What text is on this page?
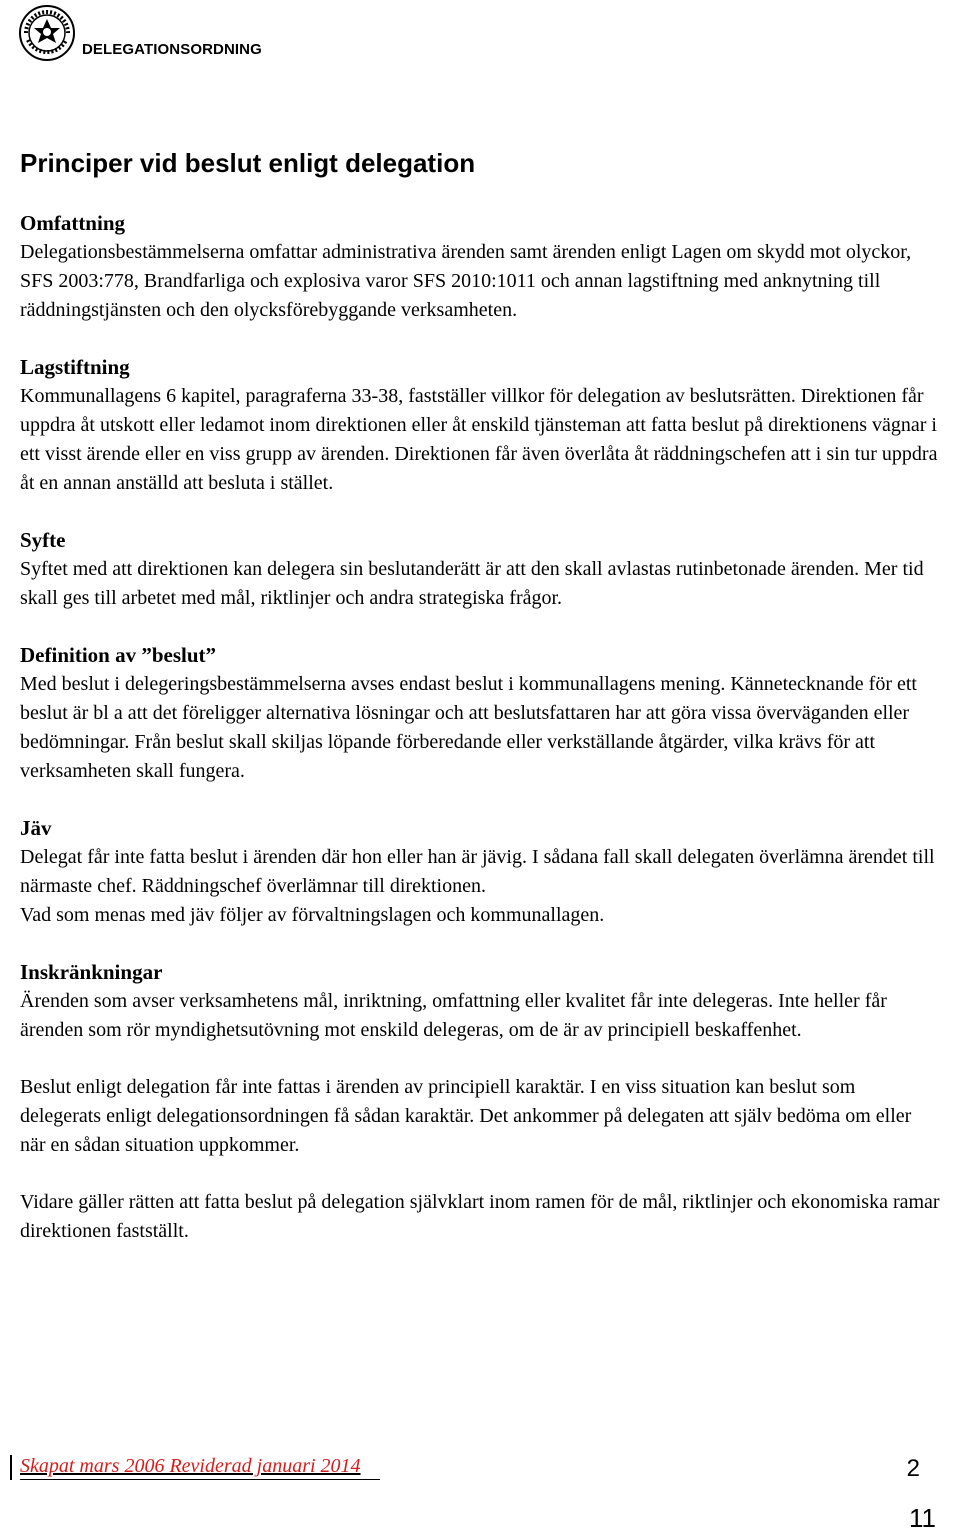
DELEGATIONSORDNING
Principer vid beslut enligt delegation
Omfattning

Delegationsbestämmelserna omfattar administrativa ärenden samt ärenden enligt Lagen om skydd mot olyckor, SFS 2003:778, Brandfarliga och explosiva varor SFS 2010:1011 och annan lagstiftning med anknytning till räddningstjänsten och den olycksförebyggande verksamheten.

Lagstiftning

Kommunallagens 6 kapitel, paragraferna 33-38, fastställer villkor för delegation av beslutsrätten. Direktionen får uppdra åt utskott eller ledamot inom direktionen eller åt enskild tjänsteman att fatta beslut på direktionens vägnar i ett visst ärende eller en viss grupp av ärenden. Direktionen får även överlåta åt räddningschefen att i sin tur uppdra åt en annan anställd att besluta i stället.

Syfte

Syftet med att direktionen kan delegera sin beslutanderätt är att den skall avlastas rutinbetonade ärenden. Mer tid skall ges till arbetet med mål, riktlinjer och andra strategiska frågor.

Definition av ”beslut”

Med beslut i delegeringsbestämmelserna avses endast beslut i kommunallagens mening. Kännetecknande för ett beslut är bl a att det föreligger alternativa lösningar och att beslutsfattaren har att göra vissa överväganden eller bedömningar. Från beslut skall skiljas löpande förberedande eller verkställande åtgärder, vilka krävs för att verksamheten skall fungera.

Jäv

Delegat får inte fatta beslut i ärenden där hon eller han är jävig. I sådana fall skall delegaten överlämna ärendet till närmaste chef. Räddningschef överlämnar till direktionen.

Vad som menas med jäv följer av förvaltningslagen och kommunallagen.

Inskränkningar

Ärenden som avser verksamhetens mål, inriktning, omfattning eller kvalitet får inte delegeras. Inte heller får ärenden som rör myndighetsutövning mot enskild delegeras, om de är av principiell beskaffenhet.

Beslut enligt delegation får inte fattas i ärenden av principiell karaktär. I en viss situation kan beslut som delegerats enligt delegationsordningen få sådan karaktär. Det ankommer på delegaten att själv bedöma om eller när en sådan situation uppkommer.

Vidare gäller rätten att fatta beslut på delegation självklart inom ramen för de mål, riktlinjer och ekonomiska ramar direktionen fastställt.

Skapat mars 2006 Reviderad januari 2014	2
11
